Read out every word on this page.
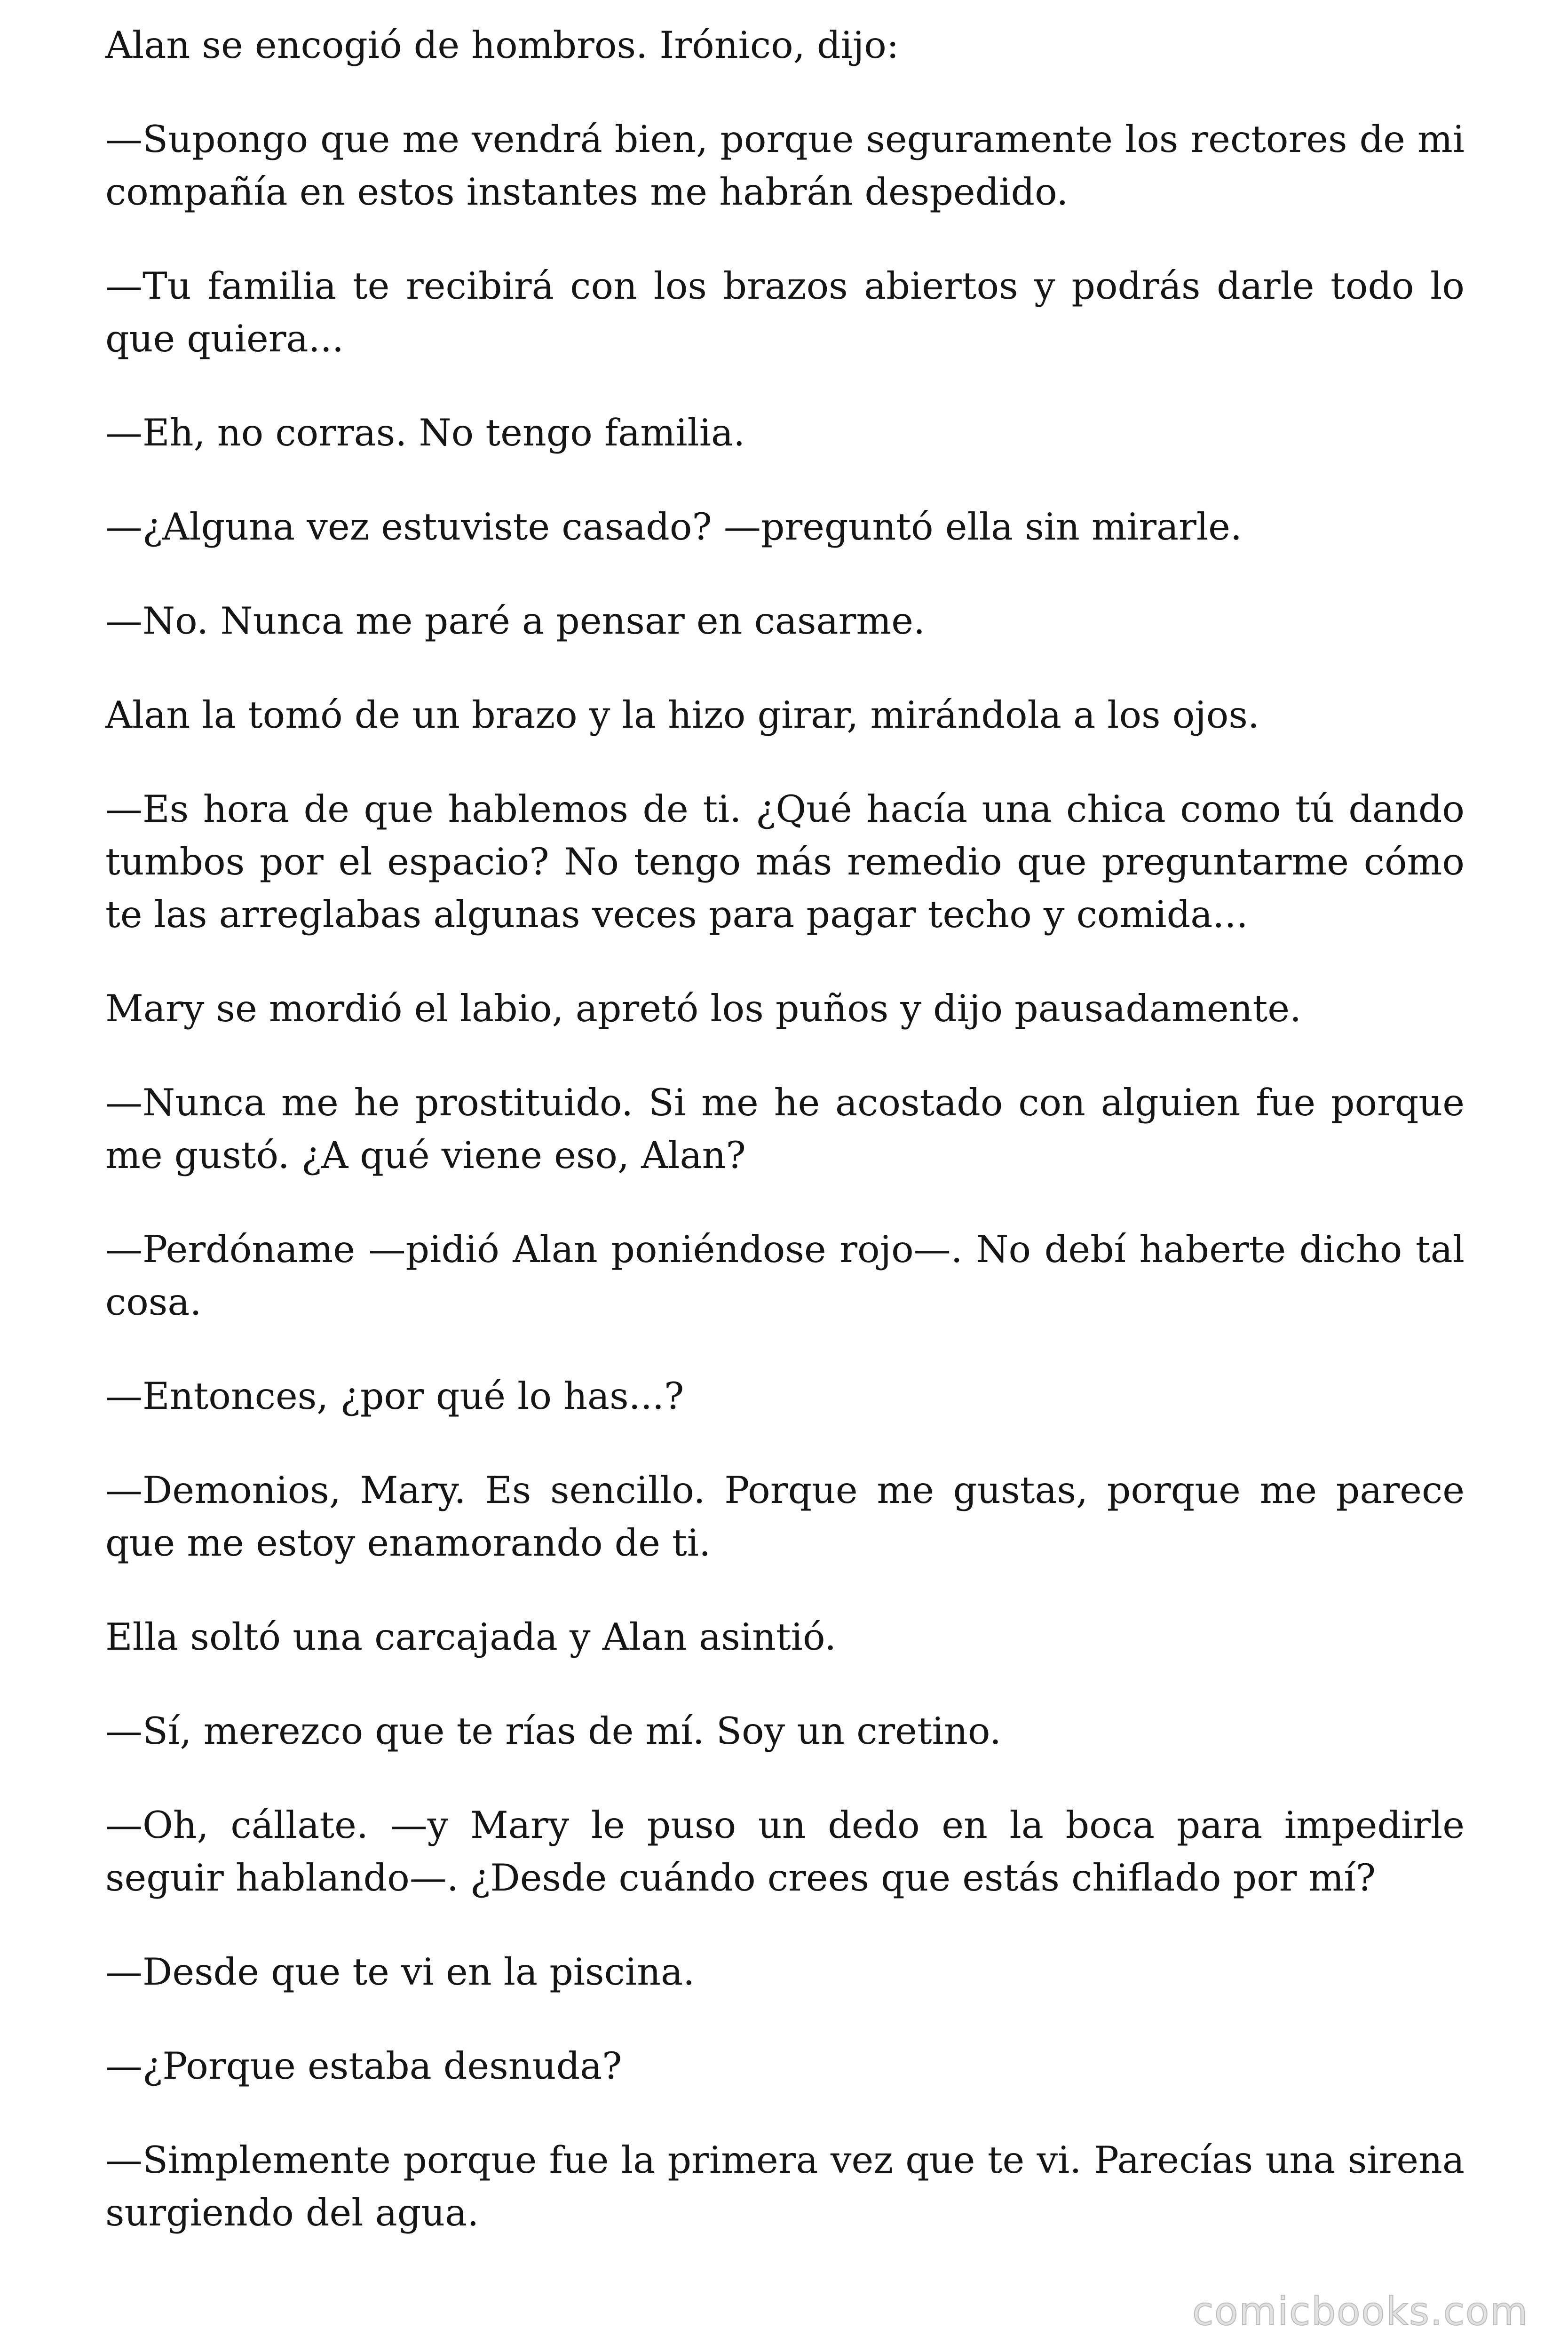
Alan se encogió de hombros. Irónico, dijo:

—Supongo que me vendrá bien, porque seguramente los rectores de mi compañía en estos instantes me habrán despedido.

—Tu familia te recibirá con los brazos abiertos y podrás darle todo lo que quiera...

—Eh, no corras. No tengo familia.

—¿Alguna vez estuviste casado? —preguntó ella sin mirarle.

—No. Nunca me paré a pensar en casarme.

Alan la tomó de un brazo y la hizo girar, mirándola a los ojos.

—Es hora de que hablemos de ti. ¿Qué hacía una chica como tú dando tumbos por el espacio? No tengo más remedio que preguntarme cómo te las arreglabas algunas veces para pagar techo y comida...

Mary se mordió el labio, apretó los puños y dijo pausadamente.

—Nunca me he prostituido. Si me he acostado con alguien fue porque me gustó. ¿A qué viene eso, Alan?

—Perdóname —pidió Alan poniéndose rojo—. No debí haberte dicho tal cosa.

—Entonces, ¿por qué lo has...?

—Demonios, Mary. Es sencillo. Porque me gustas, porque me parece que me estoy enamorando de ti.

Ella soltó una carcajada y Alan asintió.

—Sí, merezco que te rías de mí. Soy un cretino.

—Oh, cállate. —y Mary le puso un dedo en la boca para impedirle seguir hablando—. ¿Desde cuándo crees que estás chiflado por mí?

—Desde que te vi en la piscina.

—¿Porque estaba desnuda?

—Simplemente porque fue la primera vez que te vi. Parecías una sirena surgiendo del agua.

comicbooks.com
